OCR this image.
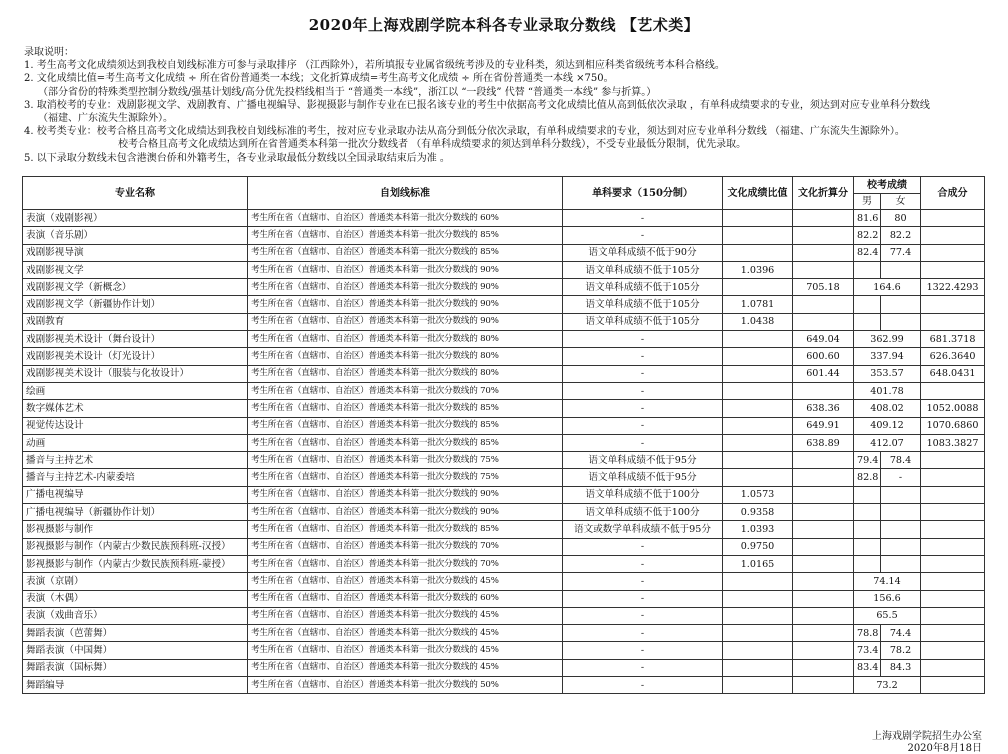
2020年上海戏剧学院本科各专业录取分数线 【艺术类】
录取说明：
1. 考生高考文化成绩须达到我校自划线标准方可参与录取排序 （江西除外），若所填报专业属省级统考涉及的专业科类，须达到相应科类省级统考本科合格线。
2. 文化成绩比值=考生高考文化成绩 ÷ 所在省份普通类一本线；文化折算成绩=考生高考文化成绩 ÷ 所在省份普通类一本线 ×750。
（部分省份的特殊类型控制分数线/强基计划线/高分优先投档线相当于 “普通类一本线”，浙江以 “一段线” 代替 “普通类一本线” 参与折算。）
3. 取消校考的专业：戏剧影视文学、戏剧教育、广播电视编导、影视摄影与制作专业在已报名该专业的考生中依据高考文化成绩比值从高到低依次录取 ，有单科成绩要求的专业，须达到对应专业单科分数线
（福建、广东流失生源除外）。
4. 校考类专业：校考合格且高考文化成绩达到我校自划线标准的考生，按对应专业录取办法从高分到低分依次录取，有单科成绩要求的专业，须达到对应专业单科分数线 （福建、广东流失生源除外）。
校考合格且高考文化成绩达到所在省普通类本科第一批次分数线者 （有单科成绩要求的须达到单科分数线），不受专业最低分限制，优先录取。
5. 以下录取分数线未包含港澳台侨和外籍考生，各专业录取最低分数线以全国录取结束后为准 。
专业名称	自划线标准	单科要求（150分制）	文化成绩比值	文化折算分	校考成绩		合成分
					男	女	
表演（戏剧影视）	考生所在省（直辖市、自治区）普通类本科第一批次分数线的 60%	-			81.6	80	
表演（音乐剧）	考生所在省（直辖市、自治区）普通类本科第一批次分数线的 85%	-			82.2	82.2	
戏剧影视导演	考生所在省（直辖市、自治区）普通类本科第一批次分数线的 85%	语文单科成绩不低于90分			82.4	77.4	
戏剧影视文学	考生所在省（直辖市、自治区）普通类本科第一批次分数线的 90%	语文单科成绩不低于105分	1.0396				
戏剧影视文学（新概念）	考生所在省（直辖市、自治区）普通类本科第一批次分数线的 90%	语文单科成绩不低于105分		705.18	164.6		1322.4293
戏剧影视文学（新疆协作计划）	考生所在省（直辖市、自治区）普通类本科第一批次分数线的 90%	语文单科成绩不低于105分	1.0781				
戏剧教育	考生所在省（直辖市、自治区）普通类本科第一批次分数线的 90%	语文单科成绩不低于105分	1.0438				
戏剧影视美术设计（舞台设计）	考生所在省（直辖市、自治区）普通类本科第一批次分数线的 80%	-		649.04	362.99		681.3718
戏剧影视美术设计（灯光设计）	考生所在省（直辖市、自治区）普通类本科第一批次分数线的 80%	-		600.60	337.94		626.3640
戏剧影视美术设计（服装与化妆设计）	考生所在省（直辖市、自治区）普通类本科第一批次分数线的 80%	-		601.44	353.57		648.0431
绘画	考生所在省（直辖市、自治区）普通类本科第一批次分数线的 70%	-			401.78		
数字媒体艺术	考生所在省（直辖市、自治区）普通类本科第一批次分数线的 85%	-		638.36	408.02		1052.0088
视觉传达设计	考生所在省（直辖市、自治区）普通类本科第一批次分数线的 85%	-		649.91	409.12		1070.6860
动画	考生所在省（直辖市、自治区）普通类本科第一批次分数线的 85%	-		638.89	412.07		1083.3827
播音与主持艺术	考生所在省（直辖市、自治区）普通类本科第一批次分数线的 75%	语文单科成绩不低于95分			79.4	78.4	
播音与主持艺术-内蒙委培	考生所在省（直辖市、自治区）普通类本科第一批次分数线的 75%	语文单科成绩不低于95分			82.8	-	
广播电视编导	考生所在省（直辖市、自治区）普通类本科第一批次分数线的 90%	语文单科成绩不低于100分	1.0573				
广播电视编导（新疆协作计划）	考生所在省（直辖市、自治区）普通类本科第一批次分数线的 90%	语文单科成绩不低于100分	0.9358				
影视摄影与制作	考生所在省（直辖市、自治区）普通类本科第一批次分数线的 85%	语文或数学单科成绩不低于95分	1.0393				
影视摄影与制作（内蒙古少数民族预科班-汉授）	考生所在省（直辖市、自治区）普通类本科第一批次分数线的 70%	-	0.9750				
影视摄影与制作（内蒙古少数民族预科班-蒙授）	考生所在省（直辖市、自治区）普通类本科第一批次分数线的 70%	-	1.0165				
表演（京剧）	考生所在省（直辖市、自治区）普通类本科第一批次分数线的 45%	-			74.14		
表演（木偶）	考生所在省（直辖市、自治区）普通类本科第一批次分数线的 60%	-			156.6		
表演（戏曲音乐）	考生所在省（直辖市、自治区）普通类本科第一批次分数线的 45%	-			65.5		
舞蹈表演（芭蕾舞）	考生所在省（直辖市、自治区）普通类本科第一批次分数线的 45%	-			78.8	74.4	
舞蹈表演（中国舞）	考生所在省（直辖市、自治区）普通类本科第一批次分数线的 45%	-			73.4	78.2	
舞蹈表演（国标舞）	考生所在省（直辖市、自治区）普通类本科第一批次分数线的 45%	-			83.4	84.3	
舞蹈编导	考生所在省（直辖市、自治区）普通类本科第一批次分数线的 50%	-			73.2		
上海戏剧学院招生办公室
2020年8月18日
